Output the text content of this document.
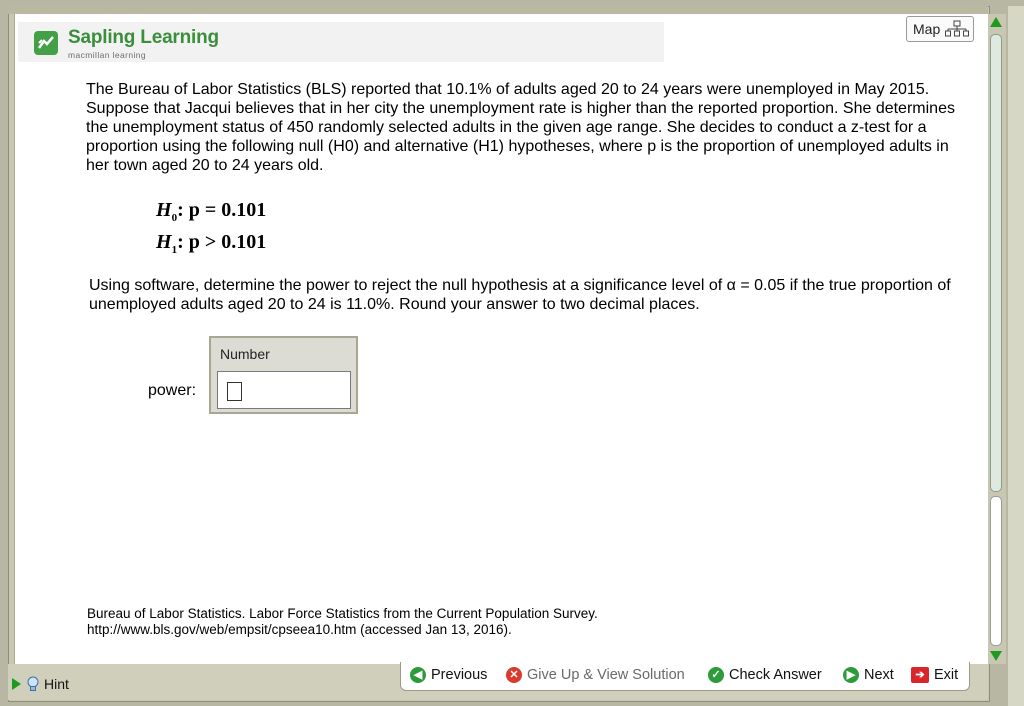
Sapling Learning
macmillan learning
Map
The Bureau of Labor Statistics (BLS) reported that 10.1% of adults aged 20 to 24 years were unemployed in May 2015. Suppose that Jacqui believes that in her city the unemployment rate is higher than the reported proportion. She determines the unemployment status of 450 randomly selected adults in the given age range. She decides to conduct a z-test for a proportion using the following null (H0) and alternative (H1) hypotheses, where p is the proportion of unemployed adults in her town aged 20 to 24 years old.
$H_0$: p = 0.101
$H_1$: p > 0.101
Using software, determine the power to reject the null hypothesis at a significance level of α = 0.05 if the true proportion of unemployed adults aged 20 to 24 is 11.0%. Round your answer to two decimal places.
power:
Number
Bureau of Labor Statistics. Labor Force Statistics from the Current Population Survey.
http://www.bls.gov/web/empsit/cpseea10.htm (accessed Jan 13, 2016).
◀ Previous	✕ Give Up & View Solution	✓ Check Answer	▶ Next	➔ Exit
Hint
